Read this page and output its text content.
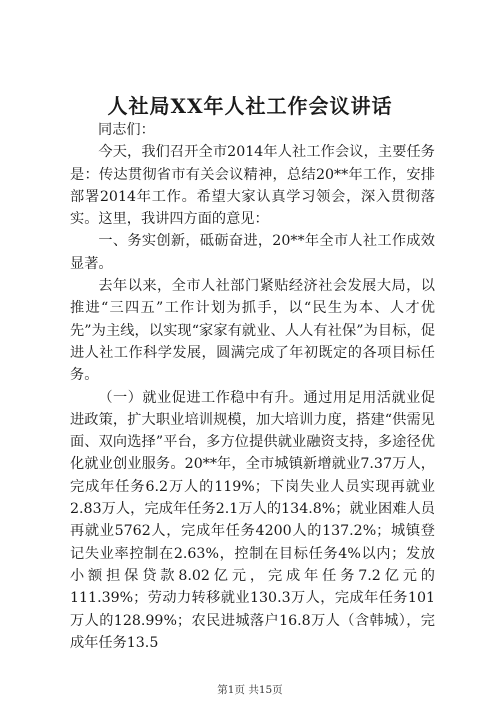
人社局XX年人社工作会议讲话

同志们：

今天，我们召开全市2014年人社工作会议，主要任务是：传达贯彻省市有关会议精神，总结20**年工作，安排部署2014年工作。希望大家认真学习领会，深入贯彻落实。这里，我讲四方面的意见：

一、务实创新，砥砺奋进，20**年全市人社工作成效显著。

去年以来，全市人社部门紧贴经济社会发展大局，以推进“三四五”工作计划为抓手，以“民生为本、人才优先”为主线，以实现“家家有就业、人人有社保”为目标，促进人社工作科学发展，圆满完成了年初既定的各项目标任务。

（一）就业促进工作稳中有升。通过用足用活就业促进政策，扩大职业培训规模，加大培训力度，搭建“供需见面、双向选择”平台，多方位提供就业融资支持，多途径优化就业创业服务。20**年，全市城镇新增就业7.37万人，完成年任务6.2万人的119%；下岗失业人员实现再就业2.83万人，完成年任务2.1万人的134.8%；就业困难人员再就业5762人，完成年任务4200人的137.2%；城镇登记失业率控制在2.63%，控制在目标任务4%以内；发放小额担保贷款8.02亿元，完成年任务7.2亿元的111.39%；劳动力转移就业130.3万人，完成年任务101万人的128.99%；农民进城落户16.8万人（含韩城），完成年任务13.5

第1页 共15页
